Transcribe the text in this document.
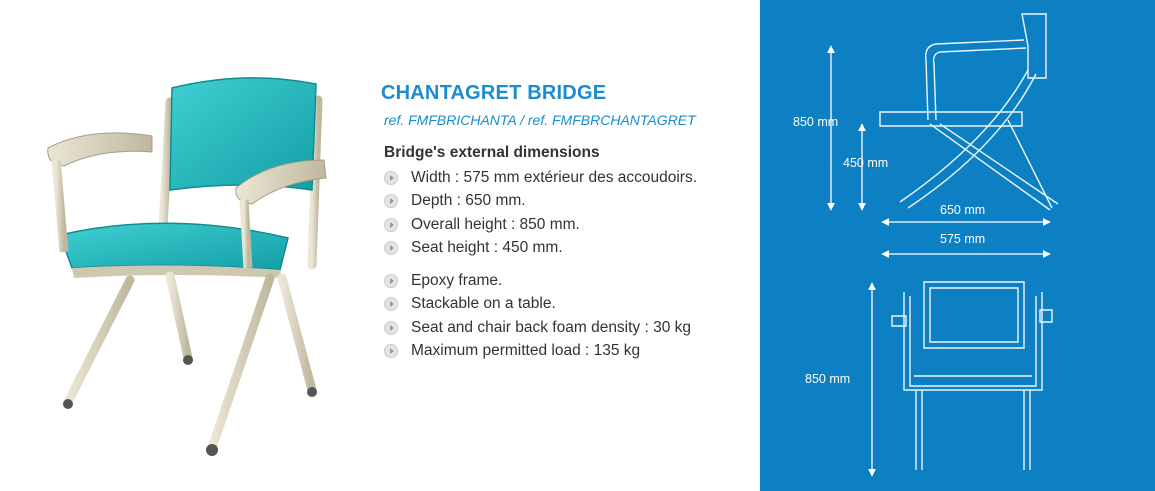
CHANTAGRET BRIDGE
ref. FMFBRICHANTA / ref. FMFBRCHANTAGRET
Bridge's external dimensions
Width : 575 mm extérieur des accoudoirs.
Depth : 650 mm.
Overall height : 850 mm.
Seat height : 450 mm.
Epoxy frame.
Stackable on a table.
Seat and chair back foam density : 30 kg
Maximum permitted load : 135 kg
850 mm
450 mm
650 mm
575 mm
850 mm
